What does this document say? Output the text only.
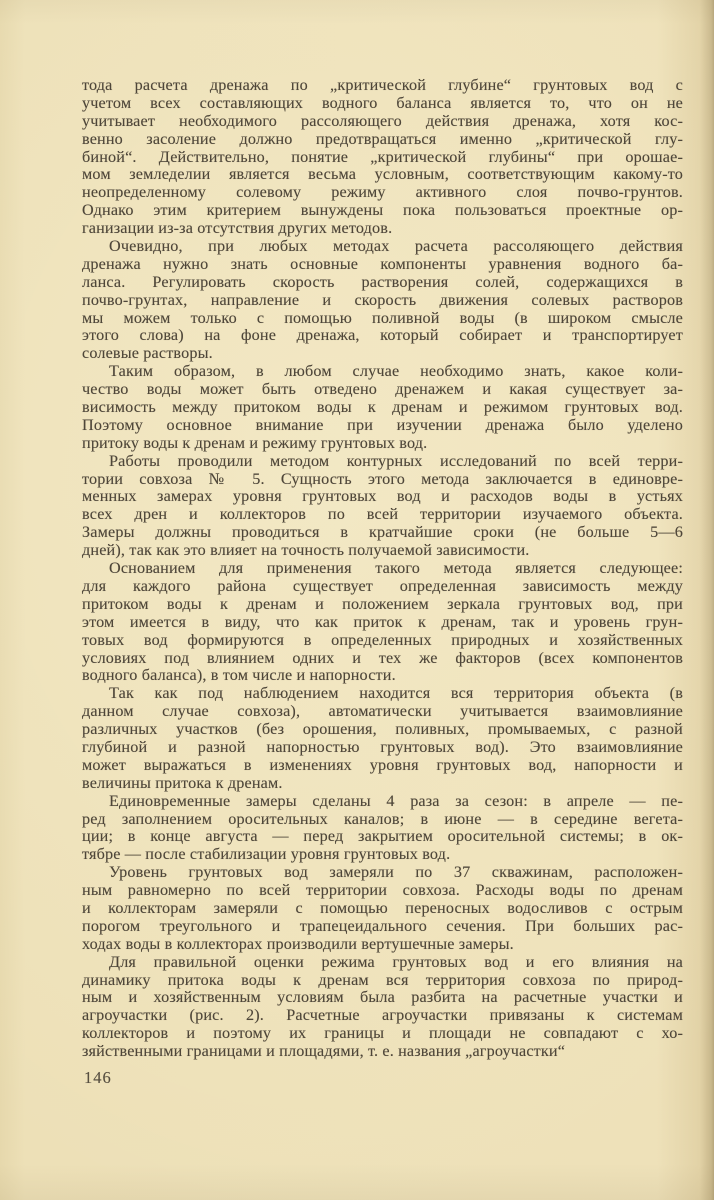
тода расчета дренажа по „критической глубине“ грунтовых вод с
учетом всех составляющих водного баланса является то, что он не
учитывает необходимого рассоляющего действия дренажа, хотя кос-
венно засоление должно предотвращаться именно „критической глу-
биной“. Действительно, понятие „критической глубины“ при орошае-
мом земледелии является весьма условным, соответствующим какому-то
неопределенному солевому режиму активного слоя почво-грунтов.
Однако этим критерием вынуждены пока пользоваться проектные ор-
ганизации из-за отсутствия других методов.
Очевидно, при любых методах расчета рассоляющего действия
дренажа нужно знать основные компоненты уравнения водного ба-
ланса. Регулировать скорость растворения солей, содержащихся в
почво-грунтах, направление и скорость движения солевых растворов
мы можем только с помощью поливной воды (в широком смысле
этого слова) на фоне дренажа, который собирает и транспортирует
солевые растворы.
Таким образом, в любом случае необходимо знать, какое коли-
чество воды может быть отведено дренажем и какая существует за-
висимость между притоком воды к дренам и режимом грунтовых вод.
Поэтому основное внимание при изучении дренажа было уделено
притоку воды к дренам и режиму грунтовых вод.
Работы проводили методом контурных исследований по всей терри-
тории совхоза № 5. Сущность этого метода заключается в единовре-
менных замерах уровня грунтовых вод и расходов воды в устьях
всех дрен и коллекторов по всей территории изучаемого объекта.
Замеры должны проводиться в кратчайшие сроки (не больше 5—6
дней), так как это влияет на точность получаемой зависимости.
Основанием для применения такого метода является следующее:
для каждого района существует определенная зависимость между
притоком воды к дренам и положением зеркала грунтовых вод, при
этом имеется в виду, что как приток к дренам, так и уровень грун-
товых вод формируются в определенных природных и хозяйственных
условиях под влиянием одних и тех же факторов (всех компонентов
водного баланса), в том числе и напорности.
Так как под наблюдением находится вся территория объекта (в
данном случае совхоза), автоматически учитывается взаимовлияние
различных участков (без орошения, поливных, промываемых, с разной
глубиной и разной напорностью грунтовых вод). Это взаимовлияние
может выражаться в изменениях уровня грунтовых вод, напорности и
величины притока к дренам.
Единовременные замеры сделаны 4 раза за сезон: в апреле — пе-
ред заполнением оросительных каналов; в июне — в середине вегета-
ции; в конце августа — перед закрытием оросительной системы; в ок-
тябре — после стабилизации уровня грунтовых вод.
Уровень грунтовых вод замеряли по 37 скважинам, расположен-
ным равномерно по всей территории совхоза. Расходы воды по дренам
и коллекторам замеряли с помощью переносных водосливов с острым
порогом треугольного и трапецеидального сечения. При больших рас-
ходах воды в коллекторах производили вертушечные замеры.
Для правильной оценки режима грунтовых вод и его влияния на
динамику притока воды к дренам вся территория совхоза по природ-
ным и хозяйственным условиям была разбита на расчетные участки и
агроучастки (рис. 2). Расчетные агроучастки привязаны к системам
коллекторов и поэтому их границы и площади не совпадают с хо-
зяйственными границами и площадями, т. е. названия „агроучастки“
146
